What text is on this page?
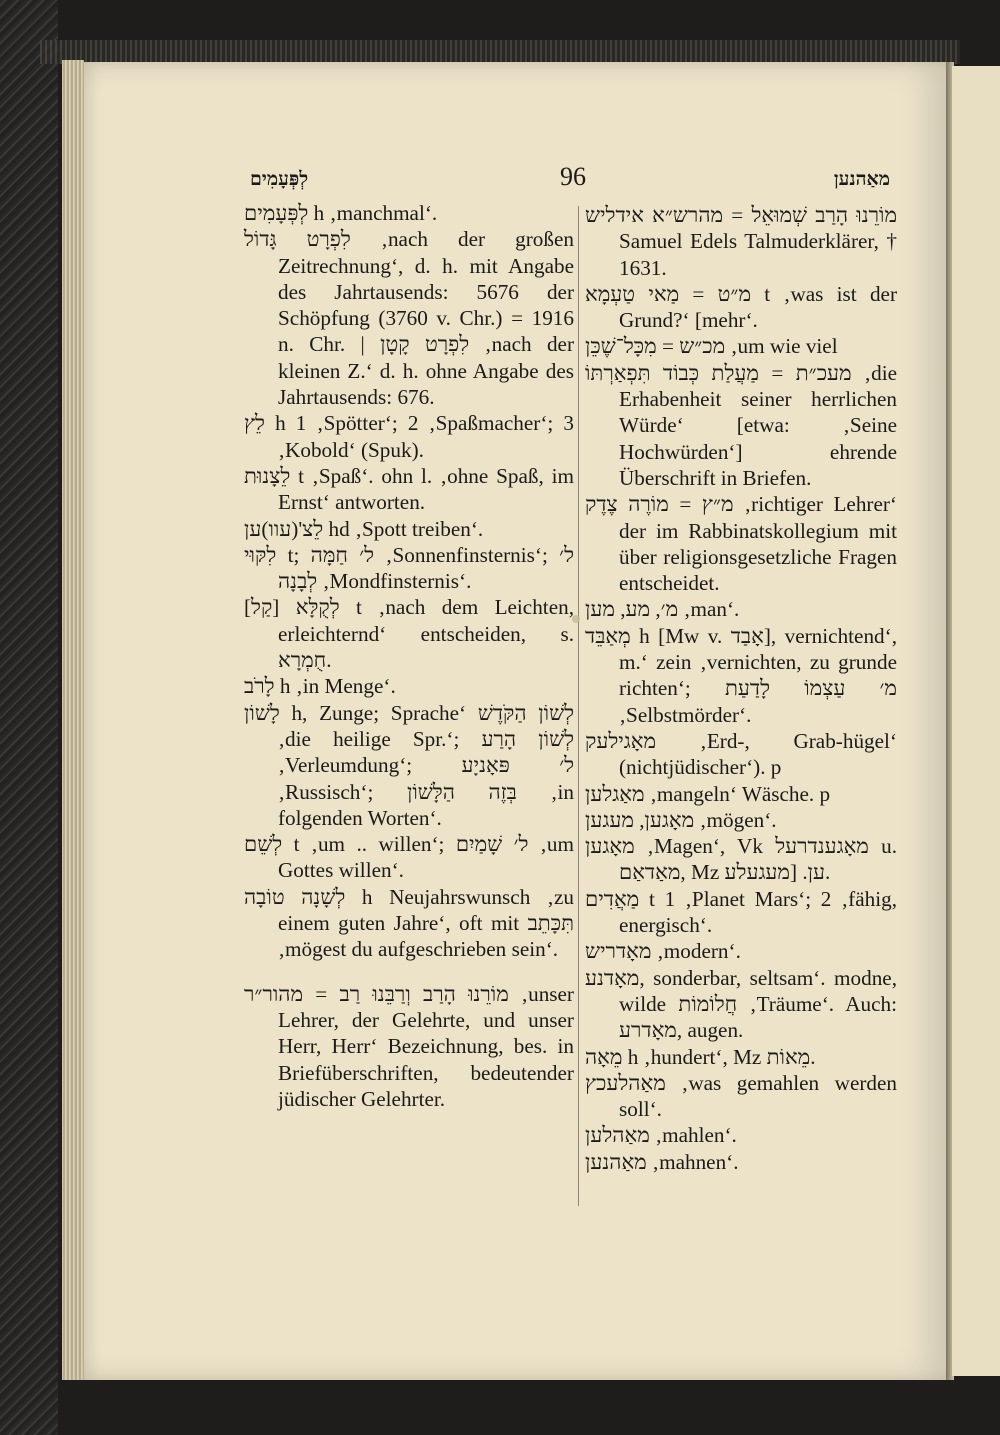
לְפְּעָמִים	96	מאַהנען

לְפְּעָמִים h ‚manchmal‘.

לִפְרָט גָּדוֹל ‚nach der großen Zeitrechnung‘, d. h. mit Angabe des Jahrtausends: 5676 der Schöpfung (3760 v. Chr.) = 1916 n. Chr. | לִפְרָט קָטָן ‚nach der kleinen Z.‘ d. h. ohne Angabe des Jahrtausends: 676.

לֵץ h 1 ‚Spötter‘; 2 ‚Spaßmacher‘; 3 ‚Kobold‘ (Spuk).

לֵצָנוּת t ‚Spaß‘. ohn l. ‚ohne Spaß, im Ernst‘ antworten.

לֵצ'(עוו)ען hd ‚Spott treiben‘.

לִקּוּי t; ל׳ חַמָּה ‚Sonnenfinsternis‘; ל׳ לְבָנָה ‚Mondfinsternis‘.

לְקֻלָּא [קַל] t ‚nach dem Leichten, erleichternd‘ entscheiden, s. חֻמְרָא.

לָרֹב h ‚in Menge‘.

לָשׁוֹן h, Zunge; Sprache‘ לְשׁוֹן הַקֹּדֶשׁ ‚die heilige Spr.‘; לְשׁוֹן הָרַע ‚Verleumdung‘; ל׳ פּאָניָע ‚Russisch‘; בְּזֶה הַלָּשׁוֹן ‚in folgenden Worten‘.

לְשֵׁם t ‚um .. willen‘; ל׳ שָׁמַיִם ‚um Gottes willen‘.

לְשָׁנָה טוֹבָה h Neujahrswunsch ‚zu einem guten Jahre‘, oft mit תִּכָּתֵב ‚mögest du aufgeschrieben sein‘.

מוֹרֵנוּ הָרַב וְרַבֵּנוּ רַב = מהור״ר ‚unser Lehrer, der Gelehrte, und unser Herr, Herr‘ Bezeichnung, bes. in Briefüberschriften, bedeutender jüdischer Gelehrter.

מוֹרֵנוּ הָרַב שְׁמוּאֵל = מהרש״א אידליש Samuel Edels Talmuderklärer, † 1631.

מ״ט = מַאי טַעְמָא t ‚was ist der Grund?‘ [mehr‘.

מכ״ש = מִכָּל־שֶׁכֵּן ‚um wie viel

מעכ״ת = מַעֲלַת כְּבוֹד תִּפְאַרְתּוֹ ‚die Erhabenheit seiner herrlichen Würde‘ [etwa: ‚Seine Hochwürden‘] ehrende Überschrift in Briefen.

מ״ץ = מוֹרֶה צֶדֶק ‚richtiger Lehrer‘ der im Rabbinatskollegium mit über religionsgesetzliche Fragen entscheidet.

מ׳, מע, מען ‚man‘.

מְאַבֵּד h [Mw v. אָבַד], vernichtend‘, m.‘ zein ‚vernichten, zu grunde richten‘; מ׳ עַצְמוֹ לָדַעַת ‚Selbstmörder‘.

מאָגילעק ‚Erd-, Grab-hügel‘ (nichtjüdischer‘). p

מאַגלען ‚mangeln‘ Wäsche. p

מאָגען, מעגען ‚mögen‘.

מאָגען ‚Magen‘, Vk מאָגענדרעל u. מאַדאַם, Mz ען. [מעגעלע.

מַאֲדִים t 1 ‚Planet Mars‘; 2 ‚fähig, energisch‘.

מאָדריש ‚modern‘.

מאָדנע, sonderbar, seltsam‘. modne, wilde חֲלוֹמוֹת ‚Träume‘. Auch: מאָדרע, augen.

מֵאָה h ‚hundert‘, Mz מֵאוֹת.

מאַהלעכץ ‚was gemahlen werden soll‘.

מאַהלען ‚mahlen‘.

מאַהנען ‚mahnen‘.
